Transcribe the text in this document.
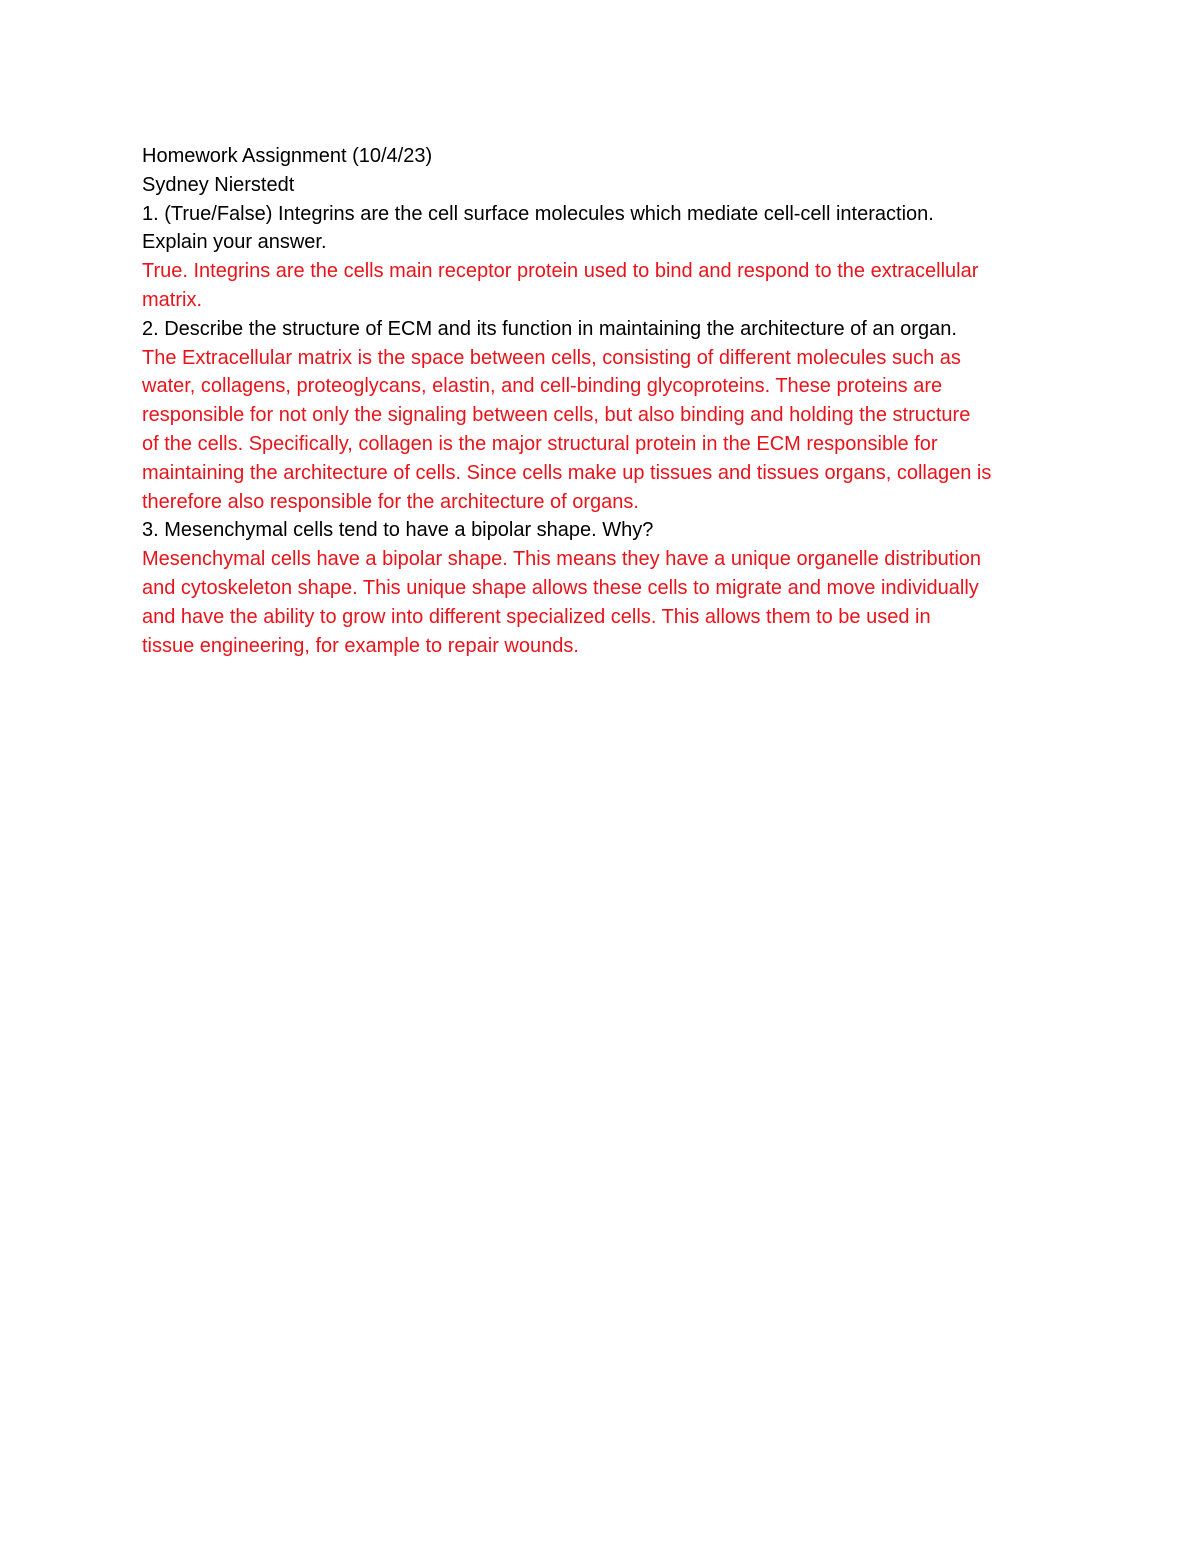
Homework Assignment (10/4/23)
Sydney Nierstedt
1. (True/False) Integrins are the cell surface molecules which mediate cell-cell interaction.
Explain your answer.
True. Integrins are the cells main receptor protein used to bind and respond to the extracellular
matrix.
2. Describe the structure of ECM and its function in maintaining the architecture of an organ.
The Extracellular matrix is the space between cells, consisting of different molecules such as
water, collagens, proteoglycans, elastin, and cell-binding glycoproteins. These proteins are
responsible for not only the signaling between cells, but also binding and holding the structure
of the cells. Specifically, collagen is the major structural protein in the ECM responsible for
maintaining the architecture of cells. Since cells make up tissues and tissues organs, collagen is
therefore also responsible for the architecture of organs.
3. Mesenchymal cells tend to have a bipolar shape. Why?
Mesenchymal cells have a bipolar shape. This means they have a unique organelle distribution
and cytoskeleton shape. This unique shape allows these cells to migrate and move individually
and have the ability to grow into different specialized cells. This allows them to be used in
tissue engineering, for example to repair wounds.
